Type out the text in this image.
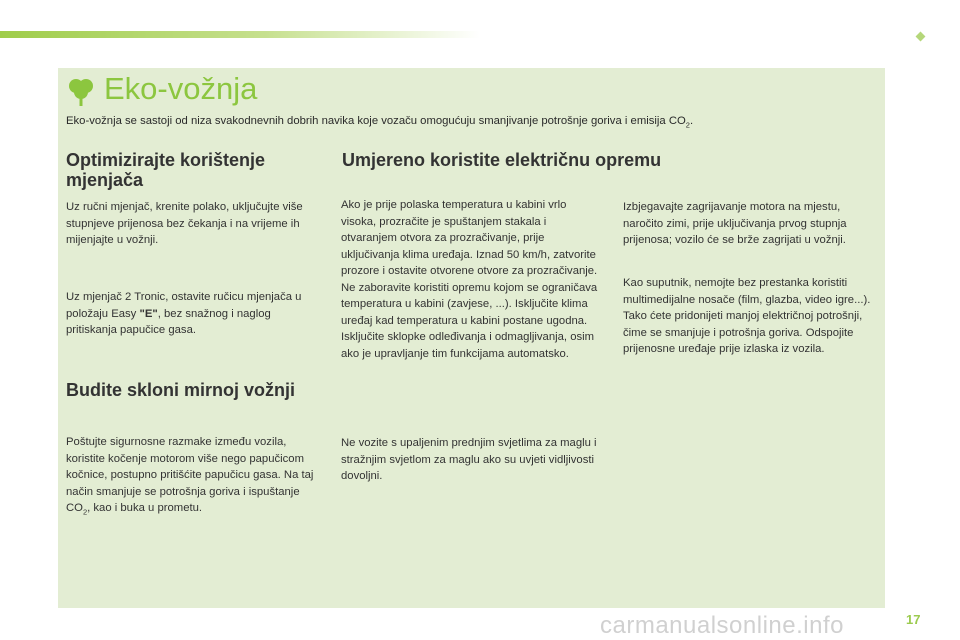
Eko-vožnja
Eko-vožnja se sastoji od niza svakodnevnih dobrih navika koje vozaču omogućuju smanjivanje potrošnje goriva i emisija $CO_2$.
Optimizirajte korištenje mjenjača

Uz ručni mjenjač, krenite polako, uključujte više stupnjeve prijenosa bez čekanja i na vrijeme ih mijenjajte u vožnji.

Uz mjenjač 2 Tronic, ostavite ručicu mjenjača u položaju Easy "E", bez snažnog i naglog pritiskanja papučice gasa.

Budite skloni mirnoj vožnji

Poštujte sigurnosne razmake između vozila, koristite kočenje motorom više nego papučicom kočnice, postupno pritišćite papučicu gasa. Na taj način smanjuje se potrošnja goriva i ispuštanje $CO_2$, kao i buka u prometu.

Umjereno koristite električnu opremu

Ako je prije polaska temperatura u kabini vrlo visoka, prozračite je spuštanjem stakala i otvaranjem otvora za prozračivanje, prije uključivanja klima uređaja. Iznad 50 km/h, zatvorite prozore i ostavite otvorene otvore za prozračivanje. Ne zaboravite koristiti opremu kojom se ograničava temperatura u kabini (zavjese, ...). Isključite klima uređaj kad temperatura u kabini postane ugodna. Isključite sklopke odleđivanja i odmagljivanja, osim ako je upravljanje tim funkcijama automatsko.

Ne vozite s upaljenim prednjim svjetlima za maglu i stražnjim svjetlom za maglu ako su uvjeti vidljivosti dovoljni.

Izbjegavajte zagrijavanje motora na mjestu, naročito zimi, prije uključivanja prvog stupnja prijenosa; vozilo će se brže zagrijati u vožnji.

Kao suputnik, nemojte bez prestanka koristiti multimedijalne nosače (film, glazba, video igre...). Tako ćete pridonijeti manjoj električnoj potrošnji, čime se smanjuje i potrošnja goriva. Odspojite prijenosne uređaje prije izlaska iz vozila.

carmanualsonline.info	17
